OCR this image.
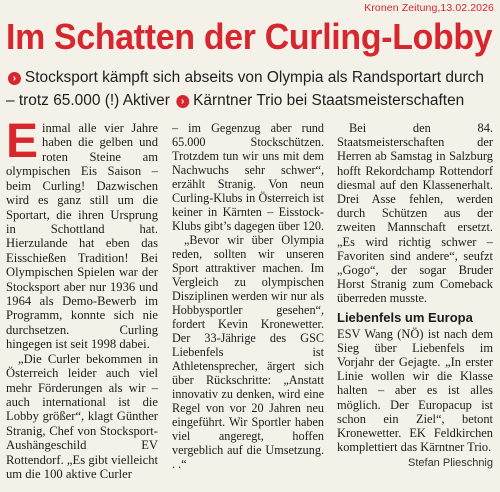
Kronen Zeitung,13.02.2026
Im Schatten der Curling-Lobby
› Stocksport kämpft sich abseits von Olympia als Randsportart durch
– trotz 65.000 (!) Aktiver › Kärntner Trio bei Staatsmeisterschaften

Einmal alle vier Jahre haben die gelben und roten Steine am olympischen Eis Saison – beim Curling! Dazwischen wird es ganz still um die Sportart, die ihren Ursprung in Schottland hat. Hierzulande hat eben das Eisschießen Tradition! Bei Olympischen Spielen war der Stocksport aber nur 1936 und 1964 als Demo-Bewerb im Programm, konnte sich nie durchsetzen. Curling hingegen ist seit 1998 dabei.

„Die Curler bekommen in Österreich leider auch viel mehr Förderungen als wir – auch international ist die Lobby größer“, klagt Günther Stranig, Chef von Stocksport-Aushängeschild EV Rottendorf. „Es gibt vielleicht um die 100 aktive Curler

– im Gegenzug aber rund 65.000 Stockschützen. Trotzdem tun wir uns mit dem Nachwuchs sehr schwer“, erzählt Stranig. Von neun Curling-Klubs in Österreich ist keiner in Kärnten – Eisstock-Klubs gibt’s dagegen über 120.

„Bevor wir über Olympia reden, sollten wir unseren Sport attraktiver machen. Im Vergleich zu olympischen Disziplinen werden wir nur als Hobbysportler gesehen“, fordert Kevin Kronewetter. Der 33-Jährige des GSC Liebenfels ist Athletensprecher, ärgert sich über Rückschritte: „Anstatt innovativ zu denken, wird eine Regel von vor 20 Jahren neu eingeführt. Wir Sportler haben viel angeregt, hoffen vergeblich auf die Umsetzung. . .“

Bei den 84. Staatsmeisterschaften der Herren ab Samstag in Salzburg hofft Rekordchamp Rottendorf diesmal auf den Klassenerhalt. Drei Asse fehlen, werden durch Schützen aus der zweiten Mannschaft ersetzt. „Es wird richtig schwer – Favoriten sind andere“, seufzt „Gogo“, der sogar Bruder Horst Stranig zum Comeback überreden musste.

Liebenfels um Europa

ESV Wang (NÖ) ist nach dem Sieg über Liebenfels im Vorjahr der Gejagte. „In erster Linie wollen wir die Klasse halten – aber es ist alles möglich. Der Europacup ist schon ein Ziel“, betont Kronewetter. EK Feldkirchen komplettiert das Kärntner Trio.

Stefan Plieschnig
